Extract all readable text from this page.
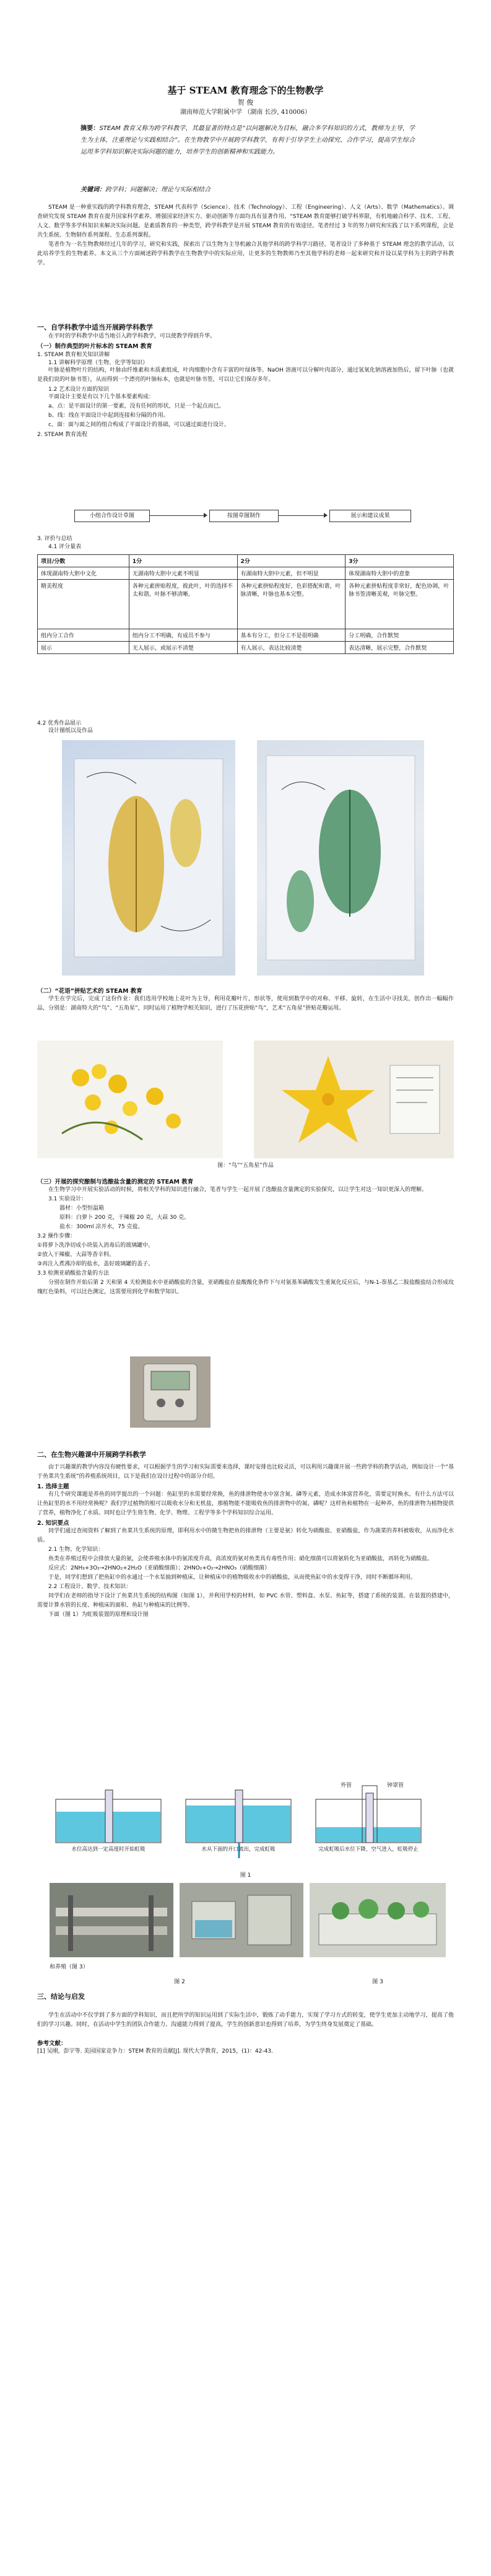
基于 STEAM 教育理念下的生物教学
贺 俊
湖南师范大学附属中学 （湖南 长沙, 410006）
摘要：STEAM 教育又称为跨学科教学，其最显著的特点是“以问题解决为目标，融合多学科知识的方式，教师为主导，学生为主体，注重理论与实践相结合”。在生物教学中开展跨学科教学，有利于引导学生主动探究、合作学习，提高学生综合运用多学科知识解决实际问题的能力，培养学生的创新精神和实践能力。
关键词：跨学科；问题解决；理论与实际相结合

STEAM 是一种重实践的跨学科教育理念，STEAM 代表科学（Science）、技术（Technology）、工程（Engineering）、人文（Arts）、数学（Mathematics）。调查研究发现 STEAM 教育在提升国家科学素养、增强国家经济实力、驱动创新等方面均具有显著作用。“STEAM 教育能够打破学科界限，有机地融合科学、技术、工程、人文、数学等多学科知识来解决实际问题。是素质教育的一种类型，跨学科教学是开展 STEAM 教育的有效途径。笔者经过 3 年的努力研究和实践了以下系列课程，会是共生系统、生物制作系列课程、生态系列课程。

笔者作为一名生物教师经过几年的学习，研究和实践，探索出了以生物为主导机融合其他学科的跨学科学习路径。笔者设计了多种基于 STEAM 理念的教学活动，以此培养学生的生物素养。本文从三个方面阐述跨学科教学在生物教学中的实际应用，让更多的生物教师乃至其他学科的老师一起来研究和开设以某学科为主的跨学科教学。

一、自学科教学中适当开展跨学科教学

在平时的学科教学中适当地引入跨学科教学，可以使教学得到升华。

（一）制作典型的叶片标本的 STEAM 教育

1. STEAM 教育相关知识讲解

1.1 讲解科学原理（生物、化学等知识）

叶脉是植物叶片的结构，叶脉由纤维素和木质素组成，叶肉细胞中含有丰富的叶绿体等。NaOH 溶液可以分解叶肉部分，通过氢氧化钠溶液加热后，留下叶脉（也就是我们说的叶脉书签），从而得到一个漂亮的叶脉标本，也就是叶脉书签，可以让它们保存多年。

1.2 艺术设计方面的知识

平面设计主要是有以下几个基本要素构成：

a、点：是平面设计的第一要素，没有任何的形状，只是一个起点而已。

b、线：线在平面设计中起到连接和分隔的作用。

c、面：面与面之间的组合构成了平面设计的基础，可以通过面进行设计。

2. STEAM 教育流程

小组合作设计草图	按图草图制作	展示和建议成果

3. 评价与总结

4.1 评分量表

项目/分数	1分	2分	3分
体现湖南特大胆中文化	无湖南特大胆中元素不明显	有湖南特大胆中元素，但不明显	体现湖南特大胆中的意象
精美程度	各种元素拼贴程度，彼此叶，叶的选择不太和谐，叶脉不够清晰。	各种元素拼贴程度好，色彩搭配和谐，叶脉清晰，叶脉也基本完整。	各种元素拼贴程度非常好，配色协调，叶脉书签清晰美观，叶脉完整。
组内分工合作	组内分工不明确，有成员不参与	基本有分工，但分工不是很明确	分工明确，合作默契
展示	无人展示，或展示不清楚	有人展示，表达比较清楚	表达清晰，展示完整，合作默契

4.2 优秀作品展示

设计图纸以及作品

（二）“花语”拼贴艺术的 STEAM 教育

学生在学完后，完成了这份作业：我们选用学校地上花叶为主导，利用花瓣叶片，形状等，使用到数学中的对称、平移、旋转，在生活中寻找美，创作出一幅幅作品，分别是：湖南特大的“鸟”、“五角星”，同时运用了植物学相关知识，进行了压花拼贴“鸟”，艺术“五角星”拼贴花瓣运用。

图：“鸟”“五角星”作品

（三）开展的探究酿制与选酿盐含量的测定的 STEAM 教育

在生物学习中开展实验活动的时候，将相关学科的知识进行融合，笔者与学生一起开展了选酿盐含量测定的实验探究，以让学生对这一知识更深入的理解。

3.1 实验设计：

器材：小型恒温箱

原料：白萝卜 200 克，干辣椒 20 克，大蒜 30 克。

盐水：300ml 凉开水，75 克盐。

3.2 操作步骤：

①将萝卜洗净切成小块装入消毒后的玻璃罐中。

②放入干辣椒、大蒜等香辛料。

③再注入煮沸冷却的盐水，盖好玻璃罐的盖子。

3.3 检测亚硝酸盐含量的方法

分别在制作开始后第 2 天和第 4 天检测盐水中亚硝酸盐的含量，亚硝酸盐在盐酸酸化条件下与对氨基苯磺酸发生重氮化反应后，与N-1-萘基乙二胺盐酸盐结合形成玫瑰红色染料，可以比色测定，这需要用到化学和数学知识。

二、在生物兴趣课中开展跨学科教学

由于兴趣课的教学内容没有硬性要求，可以根据学生的学习和实际需要来选择，课时安排也比较灵活，可以利用兴趣课开展一些跨学科的教学活动，例如设计一个“基于鱼菜共生系统”的养殖系统项目，以下是我们在设计过程中的部分介绍。

1. 选择主题

有几个研究课题是养鱼的同学提出的一个问题：鱼缸里的水需要经常换，鱼的排泄物使水中富含氮、磷等元素，造成水体富营养化，需要定时换水。有什么方法可以让鱼缸里的水不用经常换呢？我们学过植物的根可以吸收水分和无机盐，那植物能不能吸收鱼的排泄物中的氮、磷呢？这样鱼和植物在一起种养，鱼的排泄物为植物提供了营养，植物净化了水质。同时也让学生将生物、化学、物理、工程学等多个学科知识综合运用。

2. 知识要点

同学们通过查阅资料了解到了鱼菜共生系统的原理，即利用水中的微生物把鱼的排泄物（主要是氨）转化为硝酸盐、亚硝酸盐，作为蔬菜的养料被吸收，从而净化水质。

2.1 生物、化学知识：

鱼类在养殖过程中会排放大量的氨，会使养殖水体中的氨浓度升高，高浓度的氨对鱼类具有毒性作用；硝化细菌可以将氨转化为亚硝酸盐，再转化为硝酸盐。

反应式：2NH₃+3O₂→2HNO₂+2H₂O（亚硝酸细菌）；2HNO₂+O₂→2HNO₃（硝酸细菌）

于是，同学们想到了把鱼缸中的水通过一个水泵抽到种植床，让种植床中的植物吸收水中的硝酸盐，从而使鱼缸中的水变得干净，同时不断循环利用。

2.2 工程设计、数学、技术知识：

同学们在老师的指导下设计了鱼菜共生系统的结构图（如图 1），并利用学校的材料，如 PVC 水管、塑料盒、水泵、鱼缸等，搭建了系统的装置。在装置的搭建中，需要计算水管的长度、种植床的面积、鱼缸与种植床的比例等。

下面（图 1）为虹吸装置的原理和设计图

外管	钟罩管
水位高达到一定高度时开始虹吸	水从下面的开口流出，完成虹吸	完成虹吸后水位下降，空气进入，虹吸停止
图 1
和养殖（图 3）
图 2	图 3

三、结论与启发

学生在活动中不仅学到了多方面的学科知识，而且把所学的知识运用到了实际生活中，锻炼了动手能力，实现了学习方式的转变，使学生更加主动地学习，提高了他们的学习兴趣。同时，在活动中学生的团队合作能力、沟通能力得到了提高，学生的创新意识也得到了培养，为学生终身发展奠定了基础。

参考文献：

[1] 吴刚，彭宇等. 美国国家竞争力：STEM 教育的贡献[J]. 现代大学教育，2015，(1)：42-43.
